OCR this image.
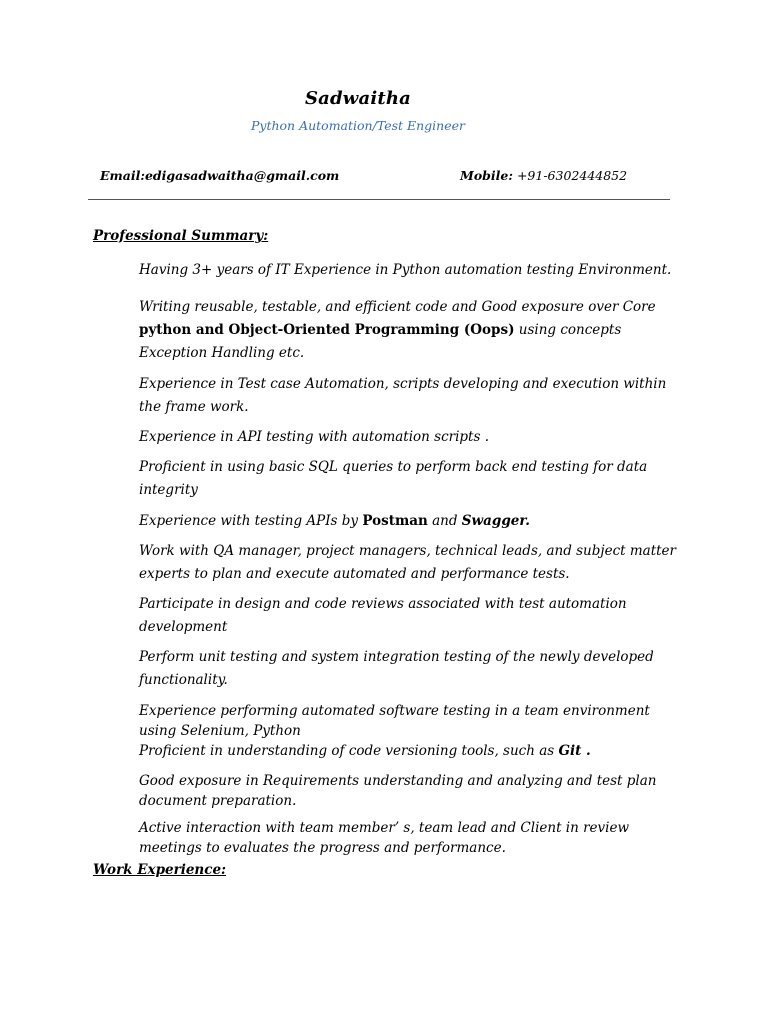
Sadwaitha
Python Automation/Test Engineer
Email:edigasadwaitha@gmail.com	Mobile: +91-6302444852
Professional Summary:

Having 3+ years of IT Experience in Python automation testing Environment.

Writing reusable, testable, and efficient code and Good exposure over Core python and Object-Oriented Programming (Oops) using concepts Exception Handling etc.

Experience in Test case Automation, scripts developing and execution within the frame work.

Experience in API testing with automation scripts .

Proficient in using basic SQL queries to perform back end testing for data integrity

Experience with testing APIs by Postman and Swagger.

Work with QA manager, project managers, technical leads, and subject matter experts to plan and execute automated and performance tests.

Participate in design and code reviews associated with test automation development

Perform unit testing and system integration testing of the newly developed functionality.

Experience performing automated software testing in a team environment using Selenium, Python

Proficient in understanding of code versioning tools, such as Git .

Good exposure in Requirements understanding and analyzing and test plan document preparation.

Active interaction with team member’ s, team lead and Client in review meetings to evaluates the progress and performance.

Work Experience:
